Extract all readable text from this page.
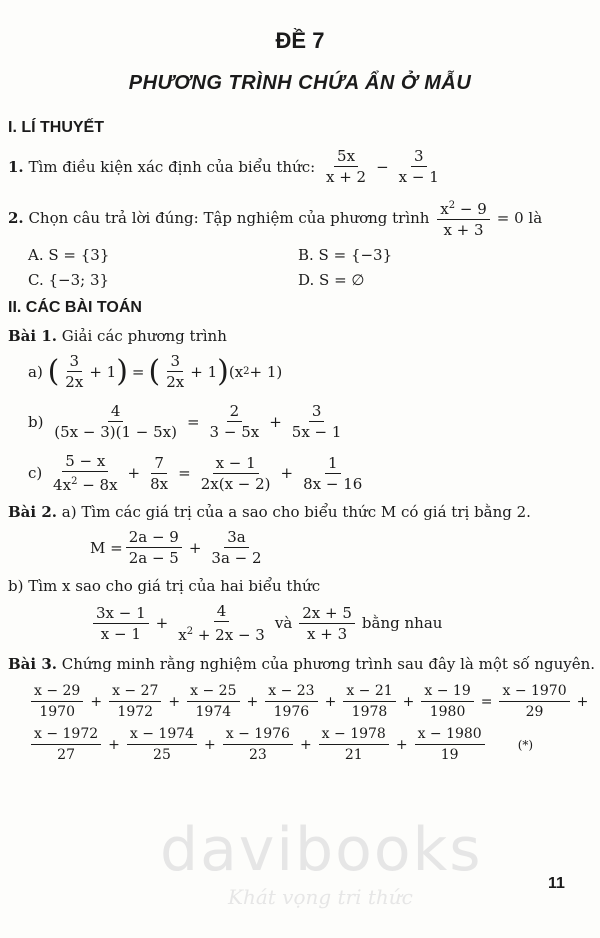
ĐỀ 7
PHƯƠNG TRÌNH CHỨA ẨN Ở MẪU
I. LÍ THUYẾT
1.
Tìm điều kiện xác định của biểu thức:
$\frac{5x}{x + 2} - \frac{3}{x - 1}$
2.
Chọn câu trả lời đúng: Tập nghiệm của phương trình
$\frac{x^2 - 9}{x + 3} = 0$ là
A. S = {3}	B. S = {−3}
C. {−3; 3}	D. S = ∅
II. CÁC BÀI TOÁN
Bài 1.
Giải các phương trình
a)
( $\frac{3}{2x} + 1$ ) = ( $\frac{3}{2x} + 1$ ) (x 2 + 1)
b)
$\frac{4}{(5x - 3)(1 - 5x)} = \frac{2}{3 - 5x} + \frac{3}{5x - 1}$
c)
$\frac{5 - x}{4x^2 - 8x} + \frac{7}{8x} = \frac{x - 1}{2x(x - 2)} + \frac{1}{8x - 16}$
Bài 2.
a) Tìm các giá trị của a sao cho biểu thức M có giá trị bằng 2.
$M = \frac{2a - 9}{2a - 5} + \frac{3a}{3a - 2}$
b) Tìm x sao cho giá trị của hai biểu thức
$\frac{3x - 1}{x - 1} + \frac{4}{x^2 + 2x - 3}$ và $\frac{2x + 5}{x + 3}$ bằng nhau
Bài 3.
Chứng minh rằng nghiệm của phương trình sau đây là một số nguyên.
$\frac{x - 29}{1970} + \frac{x - 27}{1972} + \frac{x - 25}{1974} + \frac{x - 23}{1976} + \frac{x - 21}{1978} + \frac{x - 19}{1980} = \frac{x - 1970}{29}$ +
$\frac{x - 1972}{27} + \frac{x - 1974}{25} + \frac{x - 1976}{23} + \frac{x - 1978}{21} + \frac{x - 1980}{19}$	(*)
davibooks
Khát vọng tri thức
11
